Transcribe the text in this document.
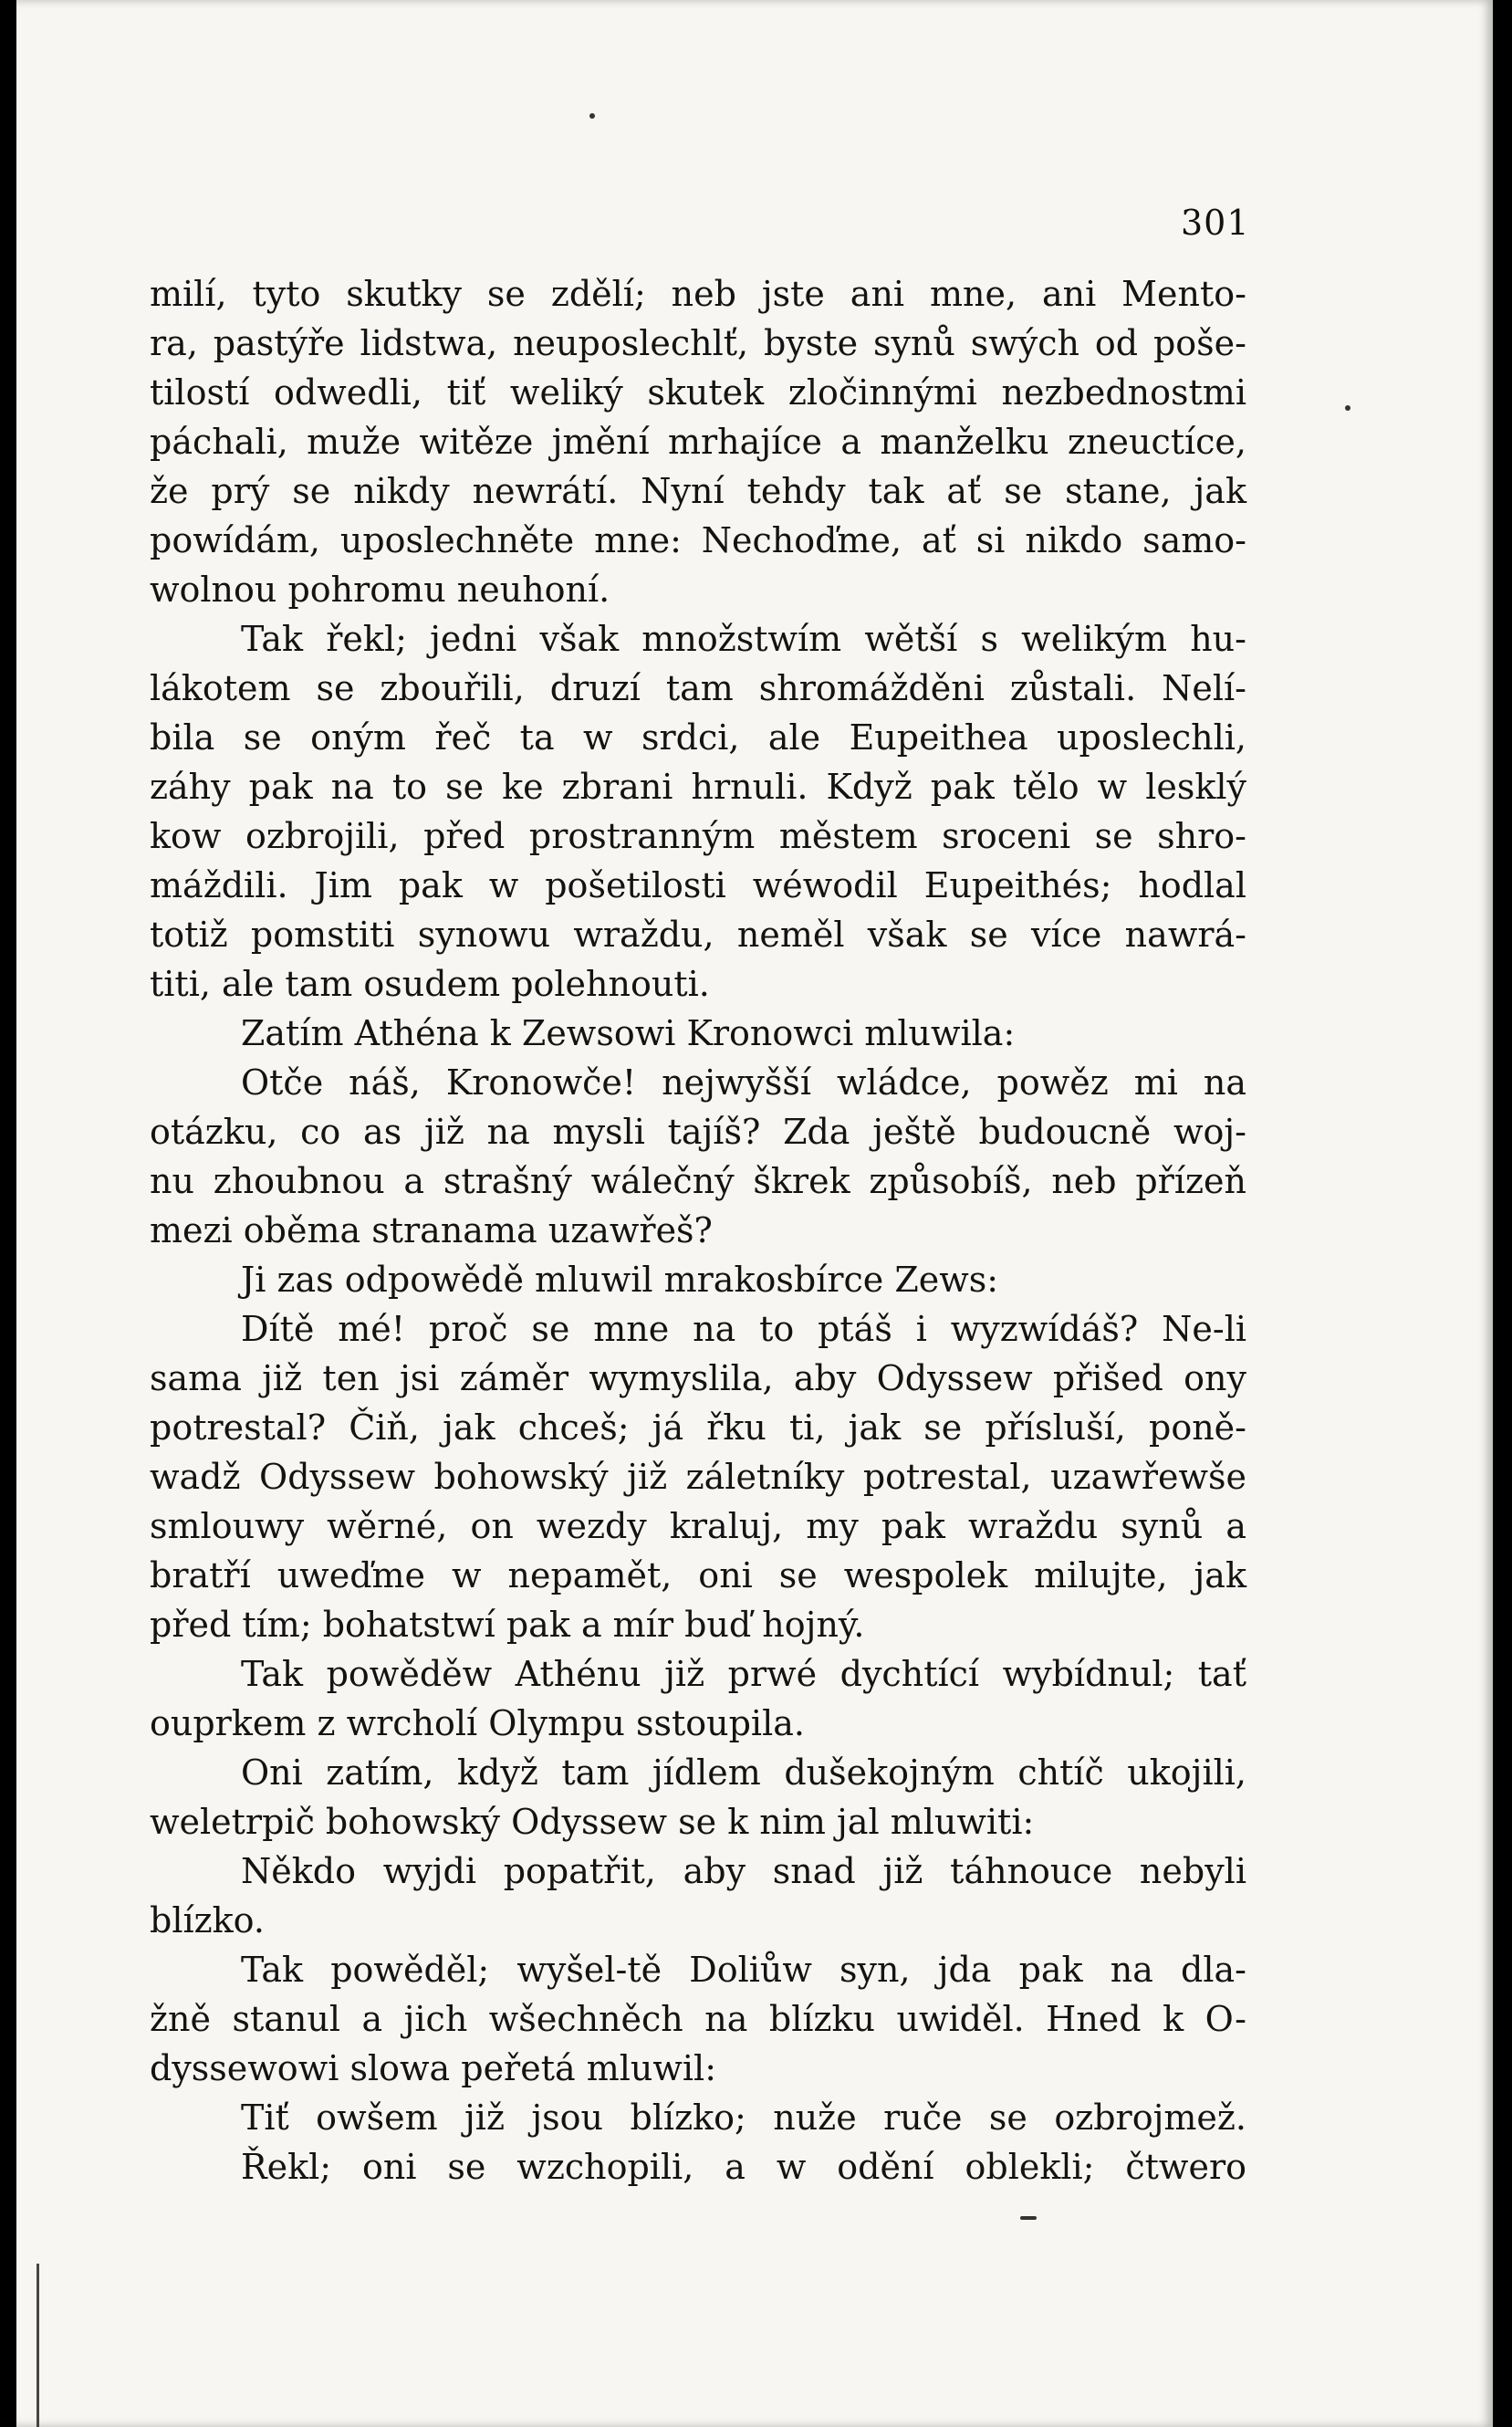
301
milí, tyto skutky se zdělí; neb jste ani mne, ani Mento-
ra, pastýře lidstwa, neuposlechlť, byste synů swých od poše-
tilostí odwedli, tiť weliký skutek zločinnými nezbednostmi
páchali, muže witěze jmění mrhajíce a manželku zneuctíce,
že prý se nikdy newrátí. Nyní tehdy tak ať se stane, jak
powídám, uposlechněte mne: Nechoďme, ať si nikdo samo-
wolnou pohromu neuhoní.
Tak řekl; jedni však množstwím wětší s welikým hu-
lákotem se zbouřili, druzí tam shromážděni zůstali. Nelí-
bila se oným řeč ta w srdci, ale Eupeithea uposlechli,
záhy pak na to se ke zbrani hrnuli. Když pak tělo w lesklý
kow ozbrojili, před prostranným městem sroceni se shro-
máždili. Jim pak w pošetilosti wéwodil Eupeithés; hodlal
totiž pomstiti synowu wraždu, neměl však se více nawrá-
titi, ale tam osudem polehnouti.
Zatím Athéna k Zewsowi Kronowci mluwila:
Otče náš, Kronowče! nejwyšší wládce, powěz mi na
otázku, co as již na mysli tajíš? Zda ještě budoucně woj-
nu zhoubnou a strašný wálečný škrek způsobíš, neb přízeň
mezi oběma stranama uzawřeš?
Ji zas odpowědě mluwil mrakosbírce Zews:
Dítě mé! proč se mne na to ptáš i wyzwídáš? Ne-li
sama již ten jsi záměr wymyslila, aby Odyssew přišed ony
potrestal? Čiň, jak chceš; já řku ti, jak se přísluší, poně-
wadž Odyssew bohowský již záletníky potrestal, uzawřewše
smlouwy wěrné, on wezdy kraluj, my pak wraždu synů a
bratří uweďme w nepamět, oni se wespolek milujte, jak
před tím; bohatstwí pak a mír buď hojný.
Tak powěděw Athénu již prwé dychtící wybídnul; tať
ouprkem z wrcholí Olympu sstoupila.
Oni zatím, když tam jídlem dušekojným chtíč ukojili,
weletrpič bohowský Odyssew se k nim jal mluwiti:
Někdo wyjdi popatřit, aby snad již táhnouce nebyli
blízko.
Tak powěděl; wyšel-tě Doliůw syn, jda pak na dla-
žně stanul a jich wšechněch na blízku uwiděl. Hned k O-
dyssewowi slowa peřetá mluwil:
Tiť owšem již jsou blízko; nuže ruče se ozbrojmež.
Řekl; oni se wzchopili, a w odění oblekli; čtwero
